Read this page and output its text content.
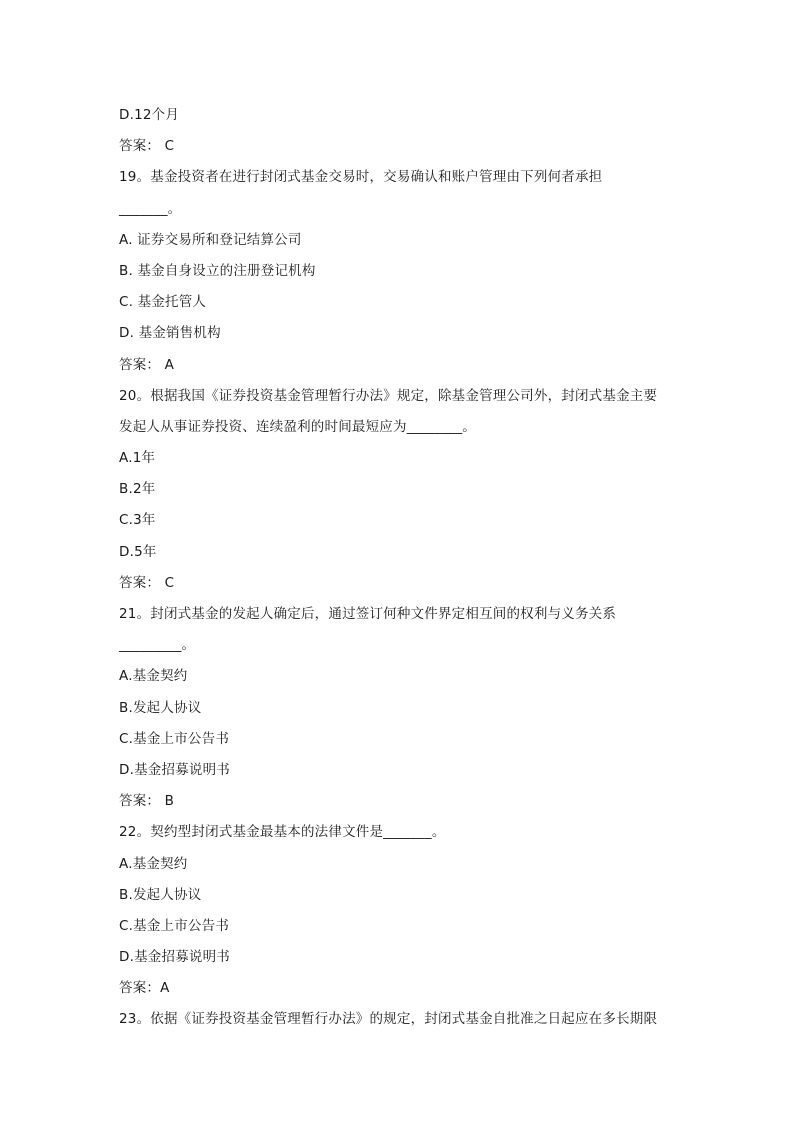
D.12个月
答案： C
19。基金投资者在进行封闭式基金交易时，交易确认和账户管理由下列何者承担
_______。
A. 证券交易所和登记结算公司
B. 基金自身设立的注册登记机构
C. 基金托管人
D. 基金销售机构
答案： A
20。根据我国《证券投资基金管理暂行办法》规定，除基金管理公司外，封闭式基金主要
发起人从事证券投资、连续盈利的时间最短应为________。
A.1年
B.2年
C.3年
D.5年
答案： C
21。封闭式基金的发起人确定后，通过签订何种文件界定相互间的权利与义务关系
_________。
A.基金契约
B.发起人协议
C.基金上市公告书
D.基金招募说明书
答案： B
22。契约型封闭式基金最基本的法律文件是_______。
A.基金契约
B.发起人协议
C.基金上市公告书
D.基金招募说明书
答案：A
23。依据《证券投资基金管理暂行办法》的规定，封闭式基金自批准之日起应在多长期限
